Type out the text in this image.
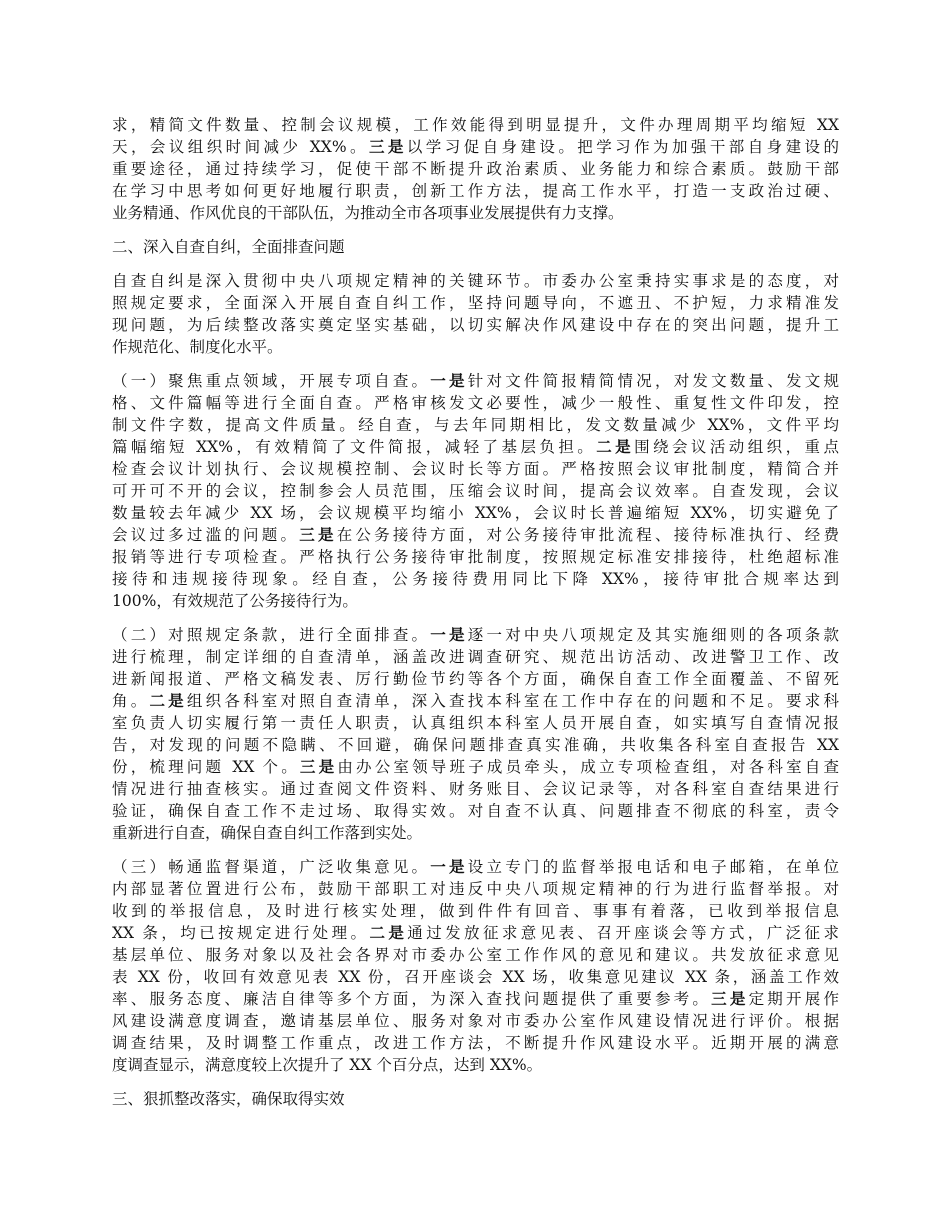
求，精简文件数量、控制会议规模，工作效能得到明显提升，文件办理周期平均缩短 XX
天，会议组织时间减少 XX%。三是以学习促自身建设。把学习作为加强干部自身建设的
重要途径，通过持续学习，促使干部不断提升政治素质、业务能力和综合素质。鼓励干部
在学习中思考如何更好地履行职责，创新工作方法，提高工作水平，打造一支政治过硬、
业务精通、作风优良的干部队伍，为推动全市各项事业发展提供有力支撑。
二、深入自查自纠，全面排查问题
自查自纠是深入贯彻中央八项规定精神的关键环节。市委办公室秉持实事求是的态度，对
照规定要求，全面深入开展自查自纠工作，坚持问题导向，不遮丑、不护短，力求精准发
现问题，为后续整改落实奠定坚实基础，以切实解决作风建设中存在的突出问题，提升工
作规范化、制度化水平。
（一）聚焦重点领域，开展专项自查。一是针对文件简报精简情况，对发文数量、发文规
格、文件篇幅等进行全面自查。严格审核发文必要性，减少一般性、重复性文件印发，控
制文件字数，提高文件质量。经自查，与去年同期相比，发文数量减少 XX%，文件平均
篇幅缩短 XX%，有效精简了文件简报，减轻了基层负担。二是围绕会议活动组织，重点
检查会议计划执行、会议规模控制、会议时长等方面。严格按照会议审批制度，精简合并
可开可不开的会议，控制参会人员范围，压缩会议时间，提高会议效率。自查发现，会议
数量较去年减少 XX 场，会议规模平均缩小 XX%，会议时长普遍缩短 XX%，切实避免了
会议过多过滥的问题。三是在公务接待方面，对公务接待审批流程、接待标准执行、经费
报销等进行专项检查。严格执行公务接待审批制度，按照规定标准安排接待，杜绝超标准
接待和违规接待现象。经自查，公务接待费用同比下降 XX%，接待审批合规率达到
100%，有效规范了公务接待行为。
（二）对照规定条款，进行全面排查。一是逐一对中央八项规定及其实施细则的各项条款
进行梳理，制定详细的自查清单，涵盖改进调查研究、规范出访活动、改进警卫工作、改
进新闻报道、严格文稿发表、厉行勤俭节约等各个方面，确保自查工作全面覆盖、不留死
角。二是组织各科室对照自查清单，深入查找本科室在工作中存在的问题和不足。要求科
室负责人切实履行第一责任人职责，认真组织本科室人员开展自查，如实填写自查情况报
告，对发现的问题不隐瞒、不回避，确保问题排查真实准确，共收集各科室自查报告 XX
份，梳理问题 XX 个。三是由办公室领导班子成员牵头，成立专项检查组，对各科室自查
情况进行抽查核实。通过查阅文件资料、财务账目、会议记录等，对各科室自查结果进行
验证，确保自查工作不走过场、取得实效。对自查不认真、问题排查不彻底的科室，责令
重新进行自查，确保自查自纠工作落到实处。
（三）畅通监督渠道，广泛收集意见。一是设立专门的监督举报电话和电子邮箱，在单位
内部显著位置进行公布，鼓励干部职工对违反中央八项规定精神的行为进行监督举报。对
收到的举报信息，及时进行核实处理，做到件件有回音、事事有着落，已收到举报信息
XX 条，均已按规定进行处理。二是通过发放征求意见表、召开座谈会等方式，广泛征求
基层单位、服务对象以及社会各界对市委办公室工作作风的意见和建议。共发放征求意见
表 XX 份，收回有效意见表 XX 份，召开座谈会 XX 场，收集意见建议 XX 条，涵盖工作效
率、服务态度、廉洁自律等多个方面，为深入查找问题提供了重要参考。三是定期开展作
风建设满意度调查，邀请基层单位、服务对象对市委办公室作风建设情况进行评价。根据
调查结果，及时调整工作重点，改进工作方法，不断提升作风建设水平。近期开展的满意
度调查显示，满意度较上次提升了 XX 个百分点，达到 XX%。
三、狠抓整改落实，确保取得实效
